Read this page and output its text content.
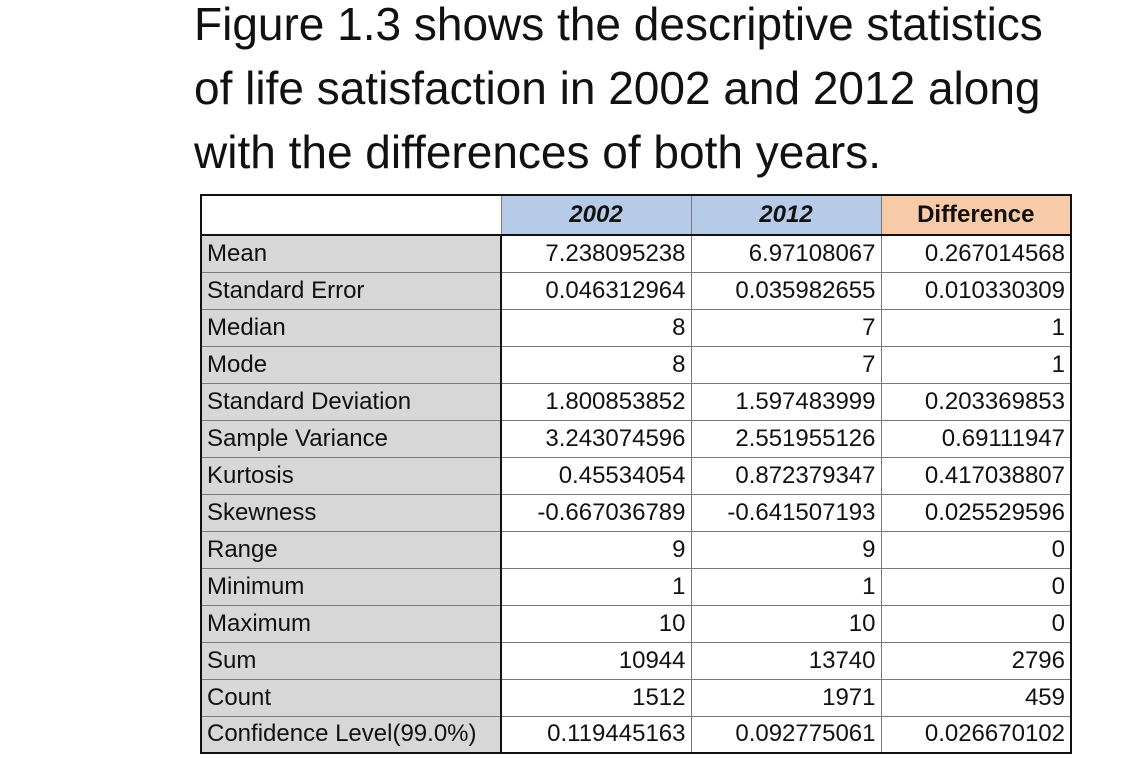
Figure 1.3 shows the descriptive statistics
of life satisfaction in 2002 and 2012 along
with the differences of both years.

	2002	2012	Difference
Mean	7.238095238	6.97108067	0.267014568
Standard Error	0.046312964	0.035982655	0.010330309
Median	8	7	1
Mode	8	7	1
Standard Deviation	1.800853852	1.597483999	0.203369853
Sample Variance	3.243074596	2.551955126	0.69111947
Kurtosis	0.45534054	0.872379347	0.417038807
Skewness	-0.667036789	-0.641507193	0.025529596
Range	9	9	0
Minimum	1	1	0
Maximum	10	10	0
Sum	10944	13740	2796
Count	1512	1971	459
Confidence Level(99.0%)	0.119445163	0.092775061	0.026670102
